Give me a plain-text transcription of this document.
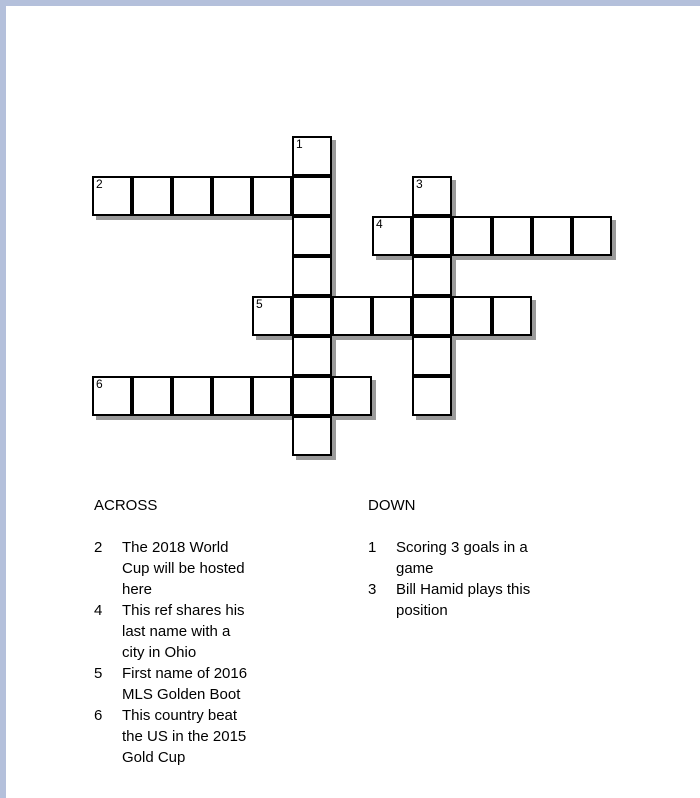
1
2	3
4
5
6
ACROSS
2	The 2018 World Cup will be hosted here
4	This ref shares his last name with a city in Ohio
5	First name of 2016 MLS Golden Boot
6	This country beat the US in the 2015 Gold Cup
DOWN
1	Scoring 3 goals in a game
3	Bill Hamid plays this position
